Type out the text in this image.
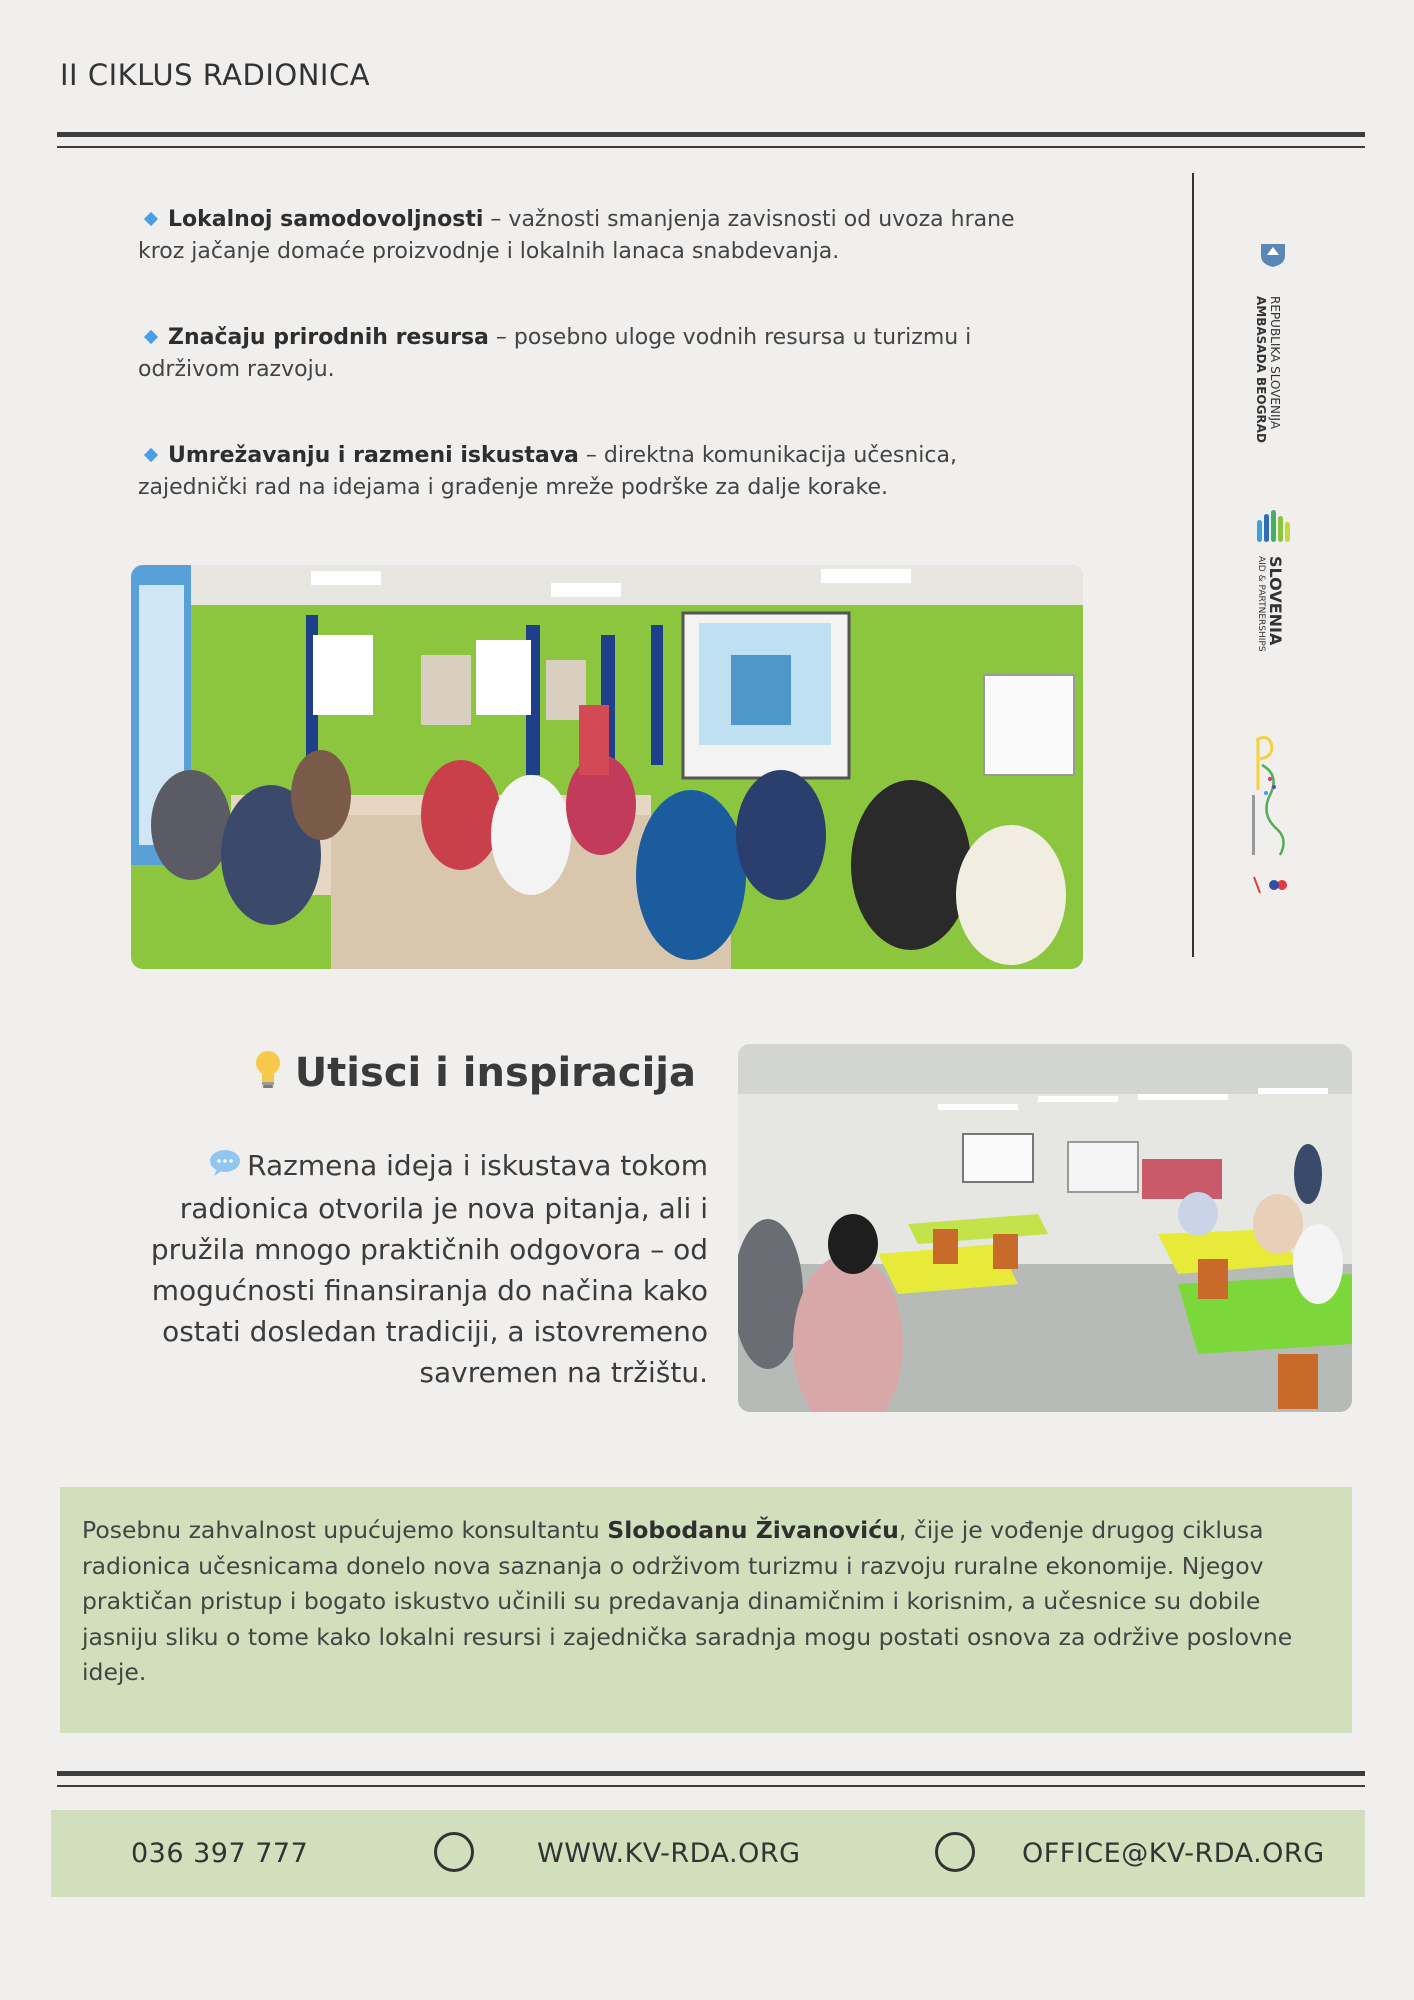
II CIKLUS RADIONICA
Lokalnoj samodovoljnosti – važnosti smanjenja zavisnosti od uvoza hrane kroz jačanje domaće proizvodnje i lokalnih lanaca snabdevanja.
Značaju prirodnih resursa – posebno uloge vodnih resursa u turizmu i održivom razvoju.
Umrežavanju i razmeni iskustava – direktna komunikacija učesnica, zajednički rad na idejama i građenje mreže podrške za dalje korake.
REPUBLIKA SLOVENIJA
AMBASADA BEOGRAD
SLOVENIA
AID & PARTNERSHIPS
Utisci i inspiracija
Razmena ideja i iskustava tokom radionica otvorila je nova pitanja, ali i pružila mnogo praktičnih odgovora – od mogućnosti finansiranja do načina kako ostati dosledan tradiciji, a istovremeno savremen na tržištu.
Posebnu zahvalnost upućujemo konsultantu Slobodanu Živanoviću, čije je vođenje drugog ciklusa radionica učesnicama donelo nova saznanja o održivom turizmu i razvoju ruralne ekonomije. Njegov praktičan pristup i bogato iskustvo učinili su predavanja dinamičnim i korisnim, a učesnice su dobile jasniju sliku o tome kako lokalni resursi i zajednička saradnja mogu postati osnova za održive poslovne ideje.
036 397 777	WWW.KV-RDA.ORG	OFFICE@KV-RDA.ORG
